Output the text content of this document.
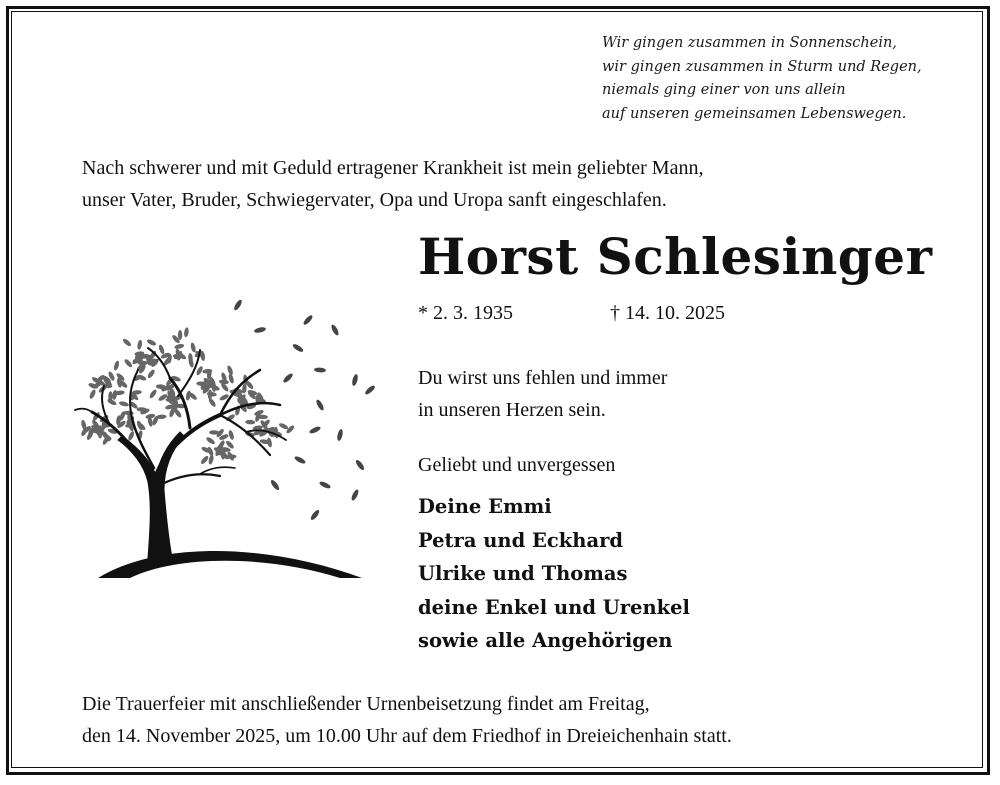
Wir gingen zusammen in Sonnenschein,
wir gingen zusammen in Sturm und Regen,
niemals ging einer von uns allein
auf unseren gemeinsamen Lebenswegen.
Nach schwerer und mit Geduld ertragener Krankheit ist mein geliebter Mann,
unser Vater, Bruder, Schwiegervater, Opa und Uropa sanft eingeschlafen.
Horst Schlesinger
* 2. 3. 1935	† 14. 10. 2025
Du wirst uns fehlen und immer
in unseren Herzen sein.
Geliebt und unvergessen
Deine Emmi
Petra und Eckhard
Ulrike und Thomas
deine Enkel und Urenkel
sowie alle Angehörigen
Die Trauerfeier mit anschließender Urnenbeisetzung findet am Freitag,
den 14. November 2025, um 10.00 Uhr auf dem Friedhof in Dreieichenhain statt.
